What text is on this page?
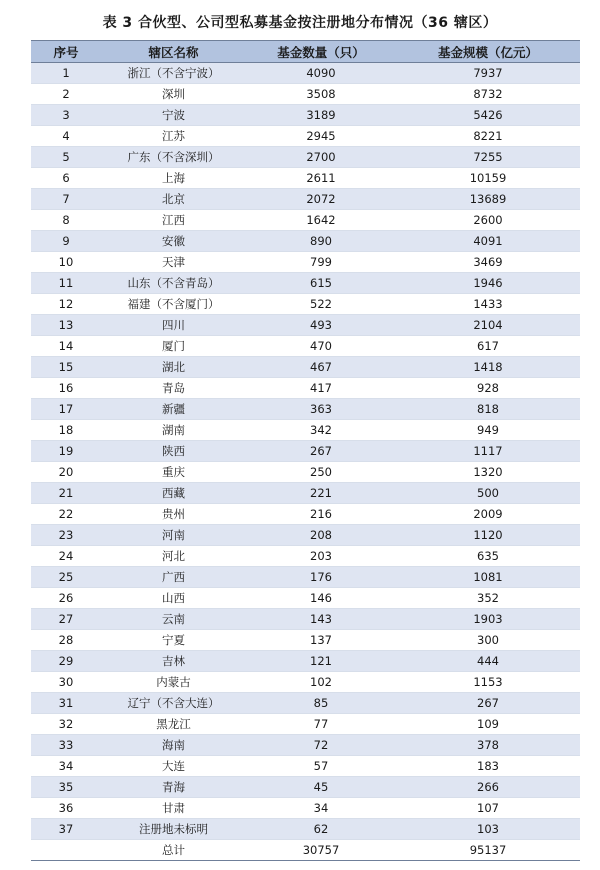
表 3 合伙型、公司型私募基金按注册地分布情况（36 辖区）
序号	辖区名称	基金数量（只）	基金规模（亿元）
1	浙江（不含宁波）	4090	7937
2	深圳	3508	8732
3	宁波	3189	5426
4	江苏	2945	8221
5	广东（不含深圳）	2700	7255
6	上海	2611	10159
7	北京	2072	13689
8	江西	1642	2600
9	安徽	890	4091
10	天津	799	3469
11	山东（不含青岛）	615	1946
12	福建（不含厦门）	522	1433
13	四川	493	2104
14	厦门	470	617
15	湖北	467	1418
16	青岛	417	928
17	新疆	363	818
18	湖南	342	949
19	陕西	267	1117
20	重庆	250	1320
21	西藏	221	500
22	贵州	216	2009
23	河南	208	1120
24	河北	203	635
25	广西	176	1081
26	山西	146	352
27	云南	143	1903
28	宁夏	137	300
29	吉林	121	444
30	内蒙古	102	1153
31	辽宁（不含大连）	85	267
32	黑龙江	77	109
33	海南	72	378
34	大连	57	183
35	青海	45	266
36	甘肃	34	107
37	注册地未标明	62	103
	总计	30757	95137
